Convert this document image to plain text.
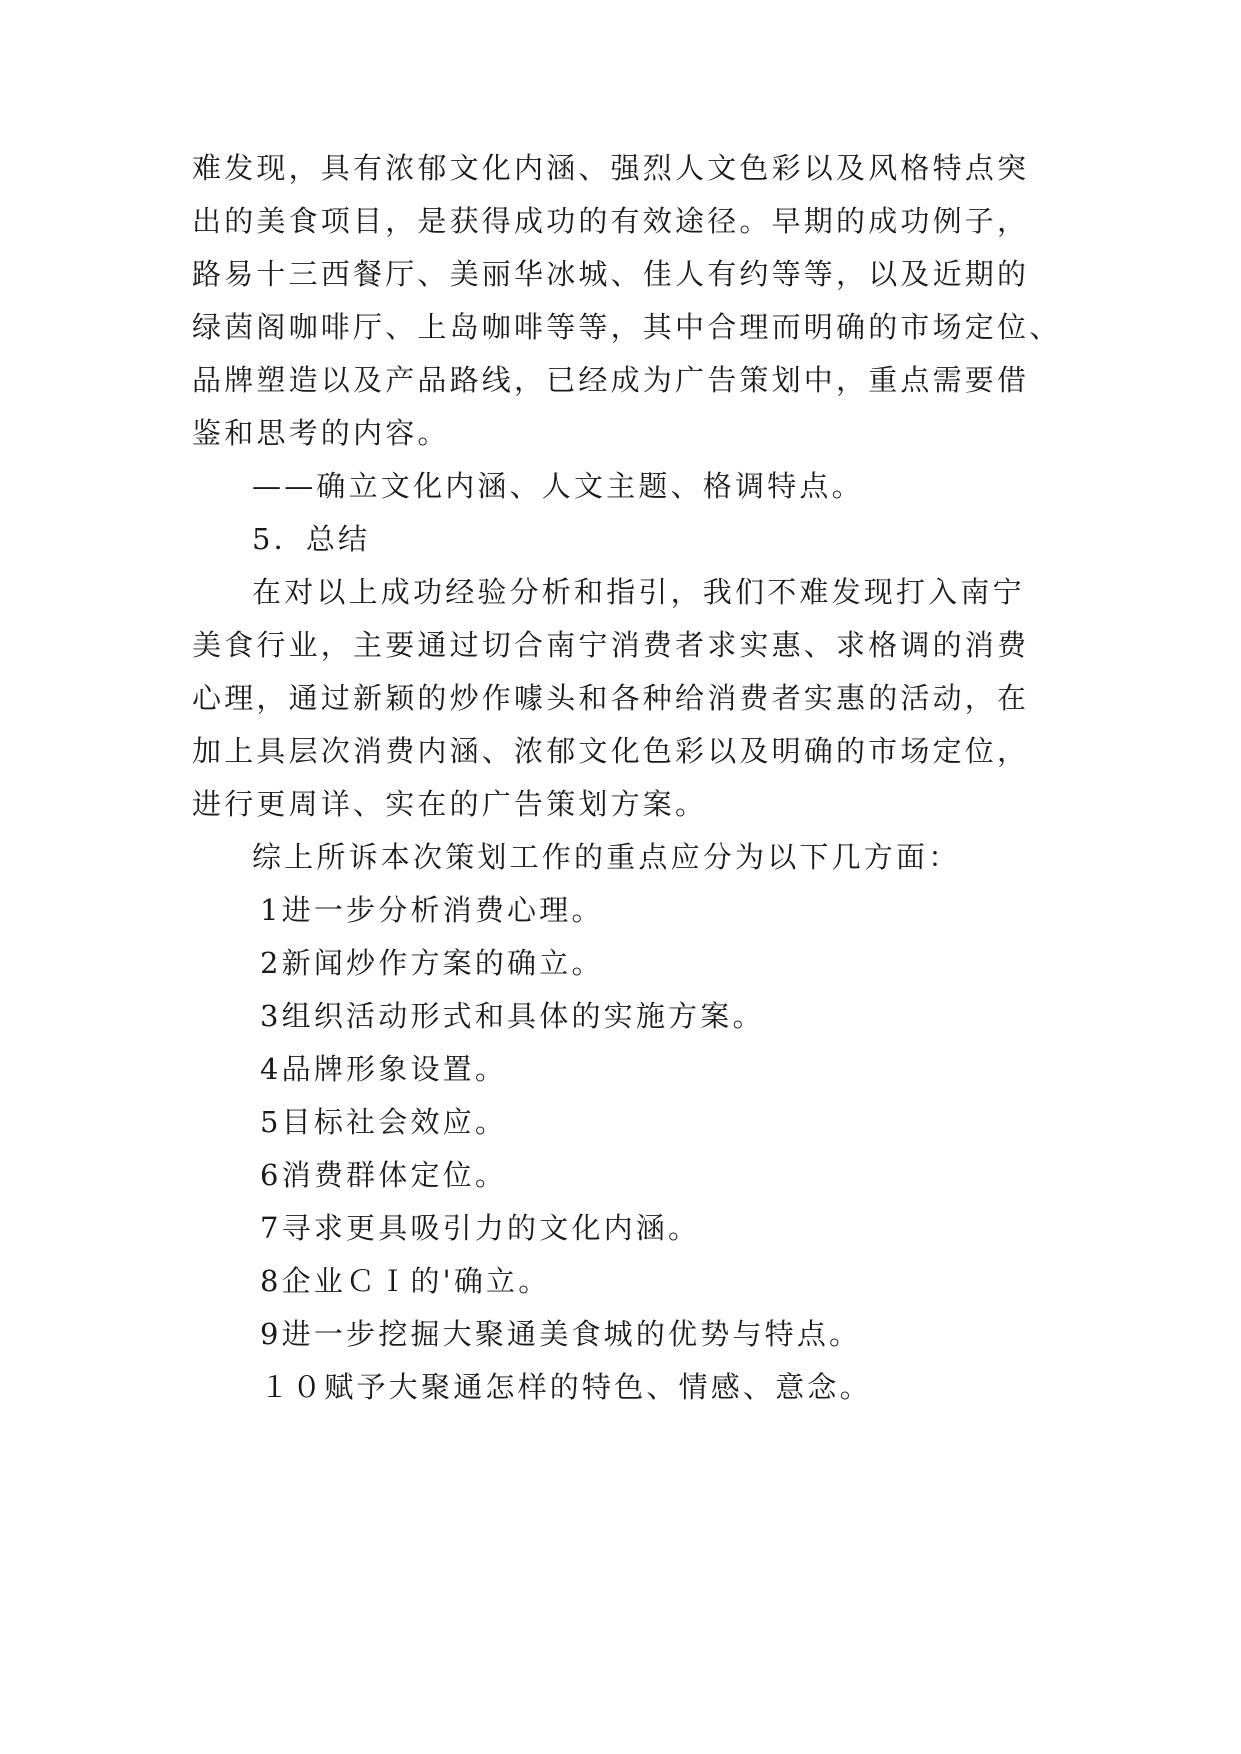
难发现，具有浓郁文化内涵、强烈人文色彩以及风格特点突
出的美食项目，是获得成功的有效途径。早期的成功例子，
路易十三西餐厅、美丽华冰城、佳人有约等等，以及近期的
绿茵阁咖啡厅、上岛咖啡等等，其中合理而明确的市场定位、
品牌塑造以及产品路线，已经成为广告策划中，重点需要借
鉴和思考的内容。
——确立文化内涵、人文主题、格调特点。
5．总结
在对以上成功经验分析和指引，我们不难发现打入南宁
美食行业，主要通过切合南宁消费者求实惠、求格调的消费
心理，通过新颖的炒作噱头和各种给消费者实惠的活动，在
加上具层次消费内涵、浓郁文化色彩以及明确的市场定位，
进行更周详、实在的广告策划方案。
综上所诉本次策划工作的重点应分为以下几方面：
1进一步分析消费心理。
2新闻炒作方案的确立。
3组织活动形式和具体的实施方案。
4品牌形象设置。
5目标社会效应。
6消费群体定位。
7寻求更具吸引力的文化内涵。
8企业ＣＩ的'确立。
9进一步挖掘大聚通美食城的优势与特点。
１０赋予大聚通怎样的特色、情感、意念。
